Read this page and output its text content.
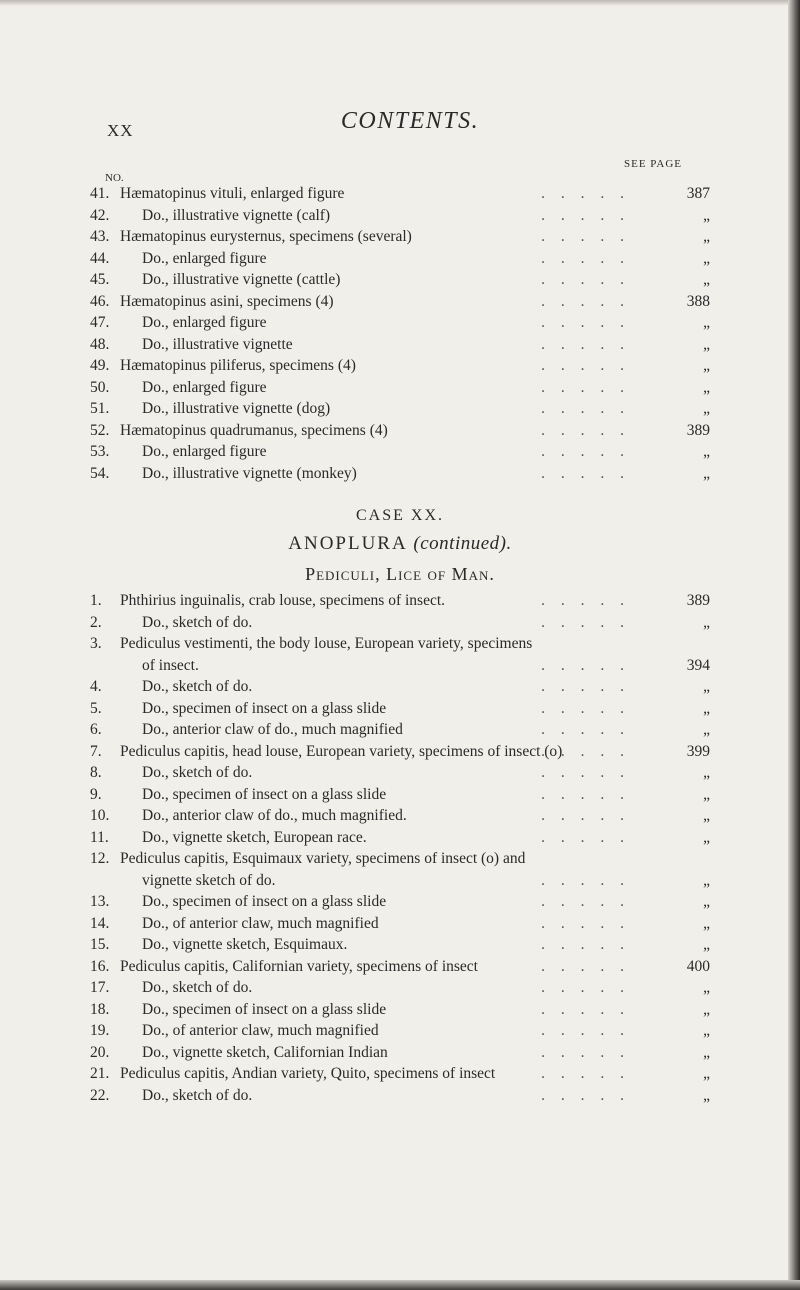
XX	CONTENTS.
SEE PAGE
NO.
41. Hæmatopinus vituli, enlarged figure	. . . . .	387
42.	Do., illustrative vignette (calf)	. . . . .	„
43. Hæmatopinus eurysternus, specimens (several)	. . . . .	„
44.	Do., enlarged figure	. . . . .	„
45.	Do., illustrative vignette (cattle)	. . . . .	„
46. Hæmatopinus asini, specimens (4)	. . . . .	388
47.	Do., enlarged figure	. . . . .	„
48.	Do., illustrative vignette	. . . . .	„
49. Hæmatopinus piliferus, specimens (4)	. . . . .	„
50.	Do., enlarged figure	. . . . .	„
51.	Do., illustrative vignette (dog)	. . . . .	„
52. Hæmatopinus quadrumanus, specimens (4)	. . . . .	389
53.	Do., enlarged figure	. . . . .	„
54.	Do., illustrative vignette (monkey)	. . . . .	„
CASE XX.
ANOPLURA (continued).
Pediculi, Lice of Man.
1.	Phthirius inguinalis, crab louse, specimens of insect.	. . . . .	389
2.	Do., sketch of do.	. . . . .	„
3.	Pediculus vestimenti, the body louse, European variety, specimens
of insect.	. . . . .	394
4.	Do., sketch of do.	. . . . .	„
5.	Do., specimen of insect on a glass slide	. . . . .	„
6.	Do., anterior claw of do., much magnified	. . . . .	„
7.	Pediculus capitis, head louse, European variety, specimens of insect (o)
. . . . .	399
8.	Do., sketch of do.	. . . . .	„
9.	Do., specimen of insect on a glass slide	. . . . .	„
10.	Do., anterior claw of do., much magnified.	. . . . .	„
11.	Do., vignette sketch, European race.	. . . . .	„
12. Pediculus capitis, Esquimaux variety, specimens of insect (o) and
vignette sketch of do.	. . . . .	„
13.	Do., specimen of insect on a glass slide	. . . . .	„
14.	Do., of anterior claw, much magnified	. . . . .	„
15.	Do., vignette sketch, Esquimaux.	. . . . .	„
16. Pediculus capitis, Californian variety, specimens of insect	. . . . .	400
17.	Do., sketch of do.	. . . . .	„
18.	Do., specimen of insect on a glass slide	. . . . .	„
19.	Do., of anterior claw, much magnified	. . . . .	„
20.	Do., vignette sketch, Californian Indian	. . . . .	„
21. Pediculus capitis, Andian variety, Quito, specimens of insect	. . . . .	„
22.	Do., sketch of do.	. . . . .	„
